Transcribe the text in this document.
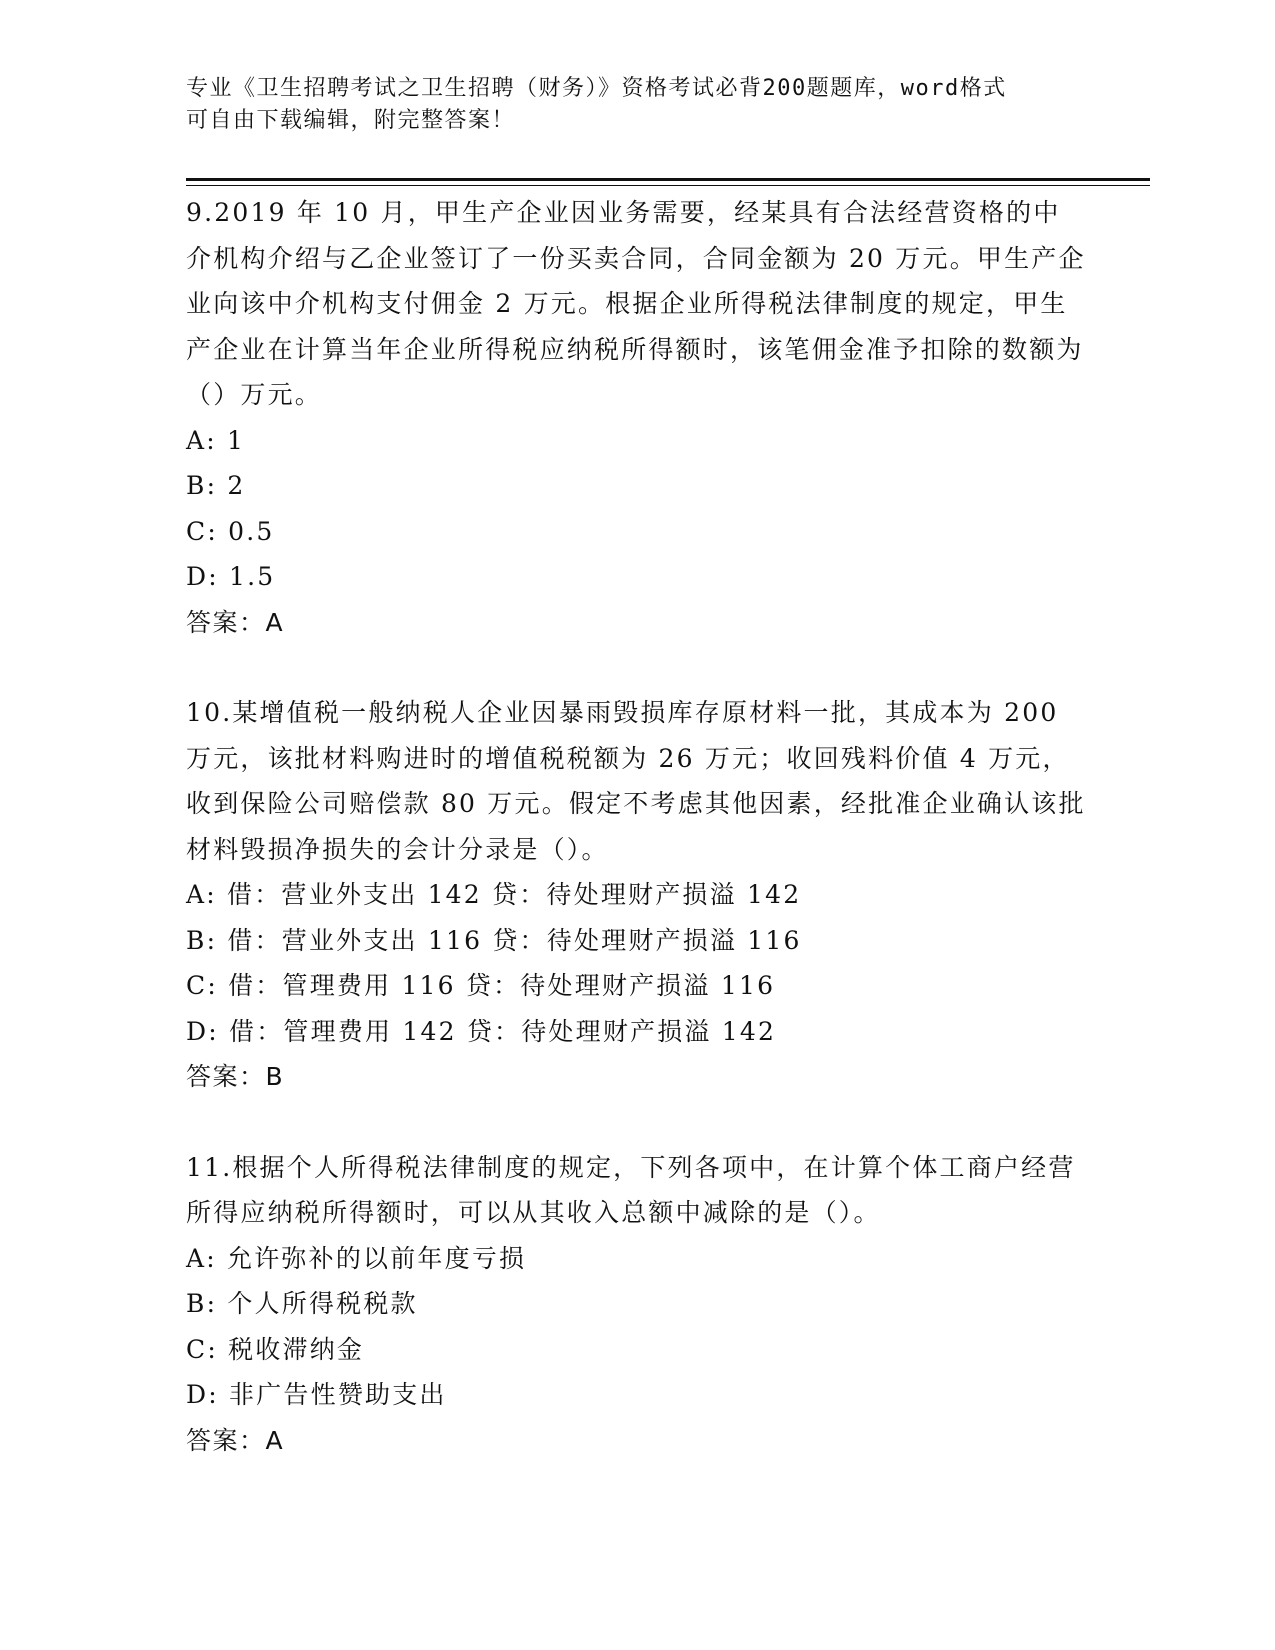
专业《卫生招聘考试之卫生招聘（财务）》资格考试必背200题题库，word格式
可自由下载编辑，附完整答案！

9.2019 年 10 月，甲生产企业因业务需要，经某具有合法经营资格的中介机构介绍与乙企业签订了一份买卖合同，合同金额为 20 万元。甲生产企业向该中介机构支付佣金 2 万元。根据企业所得税法律制度的规定，甲生产企业在计算当年企业所得税应纳税所得额时，该笔佣金准予扣除的数额为（）万元。

A: 1

B: 2

C: 0.5

D: 1.5

答案：A

10.某增值税一般纳税人企业因暴雨毁损库存原材料一批，其成本为 200 万元，该批材料购进时的增值税税额为 26 万元；收回残料价值 4 万元，收到保险公司赔偿款 80 万元。假定不考虑其他因素，经批准企业确认该批材料毁损净损失的会计分录是（）。

A: 借：营业外支出 142 贷：待处理财产损溢 142

B: 借：营业外支出 116 贷：待处理财产损溢 116

C: 借：管理费用 116 贷：待处理财产损溢 116

D: 借：管理费用 142 贷：待处理财产损溢 142

答案：B

11.根据个人所得税法律制度的规定，下列各项中，在计算个体工商户经营所得应纳税所得额时，可以从其收入总额中减除的是（）。

A: 允许弥补的以前年度亏损

B: 个人所得税税款

C: 税收滞纳金

D: 非广告性赞助支出

答案：A
